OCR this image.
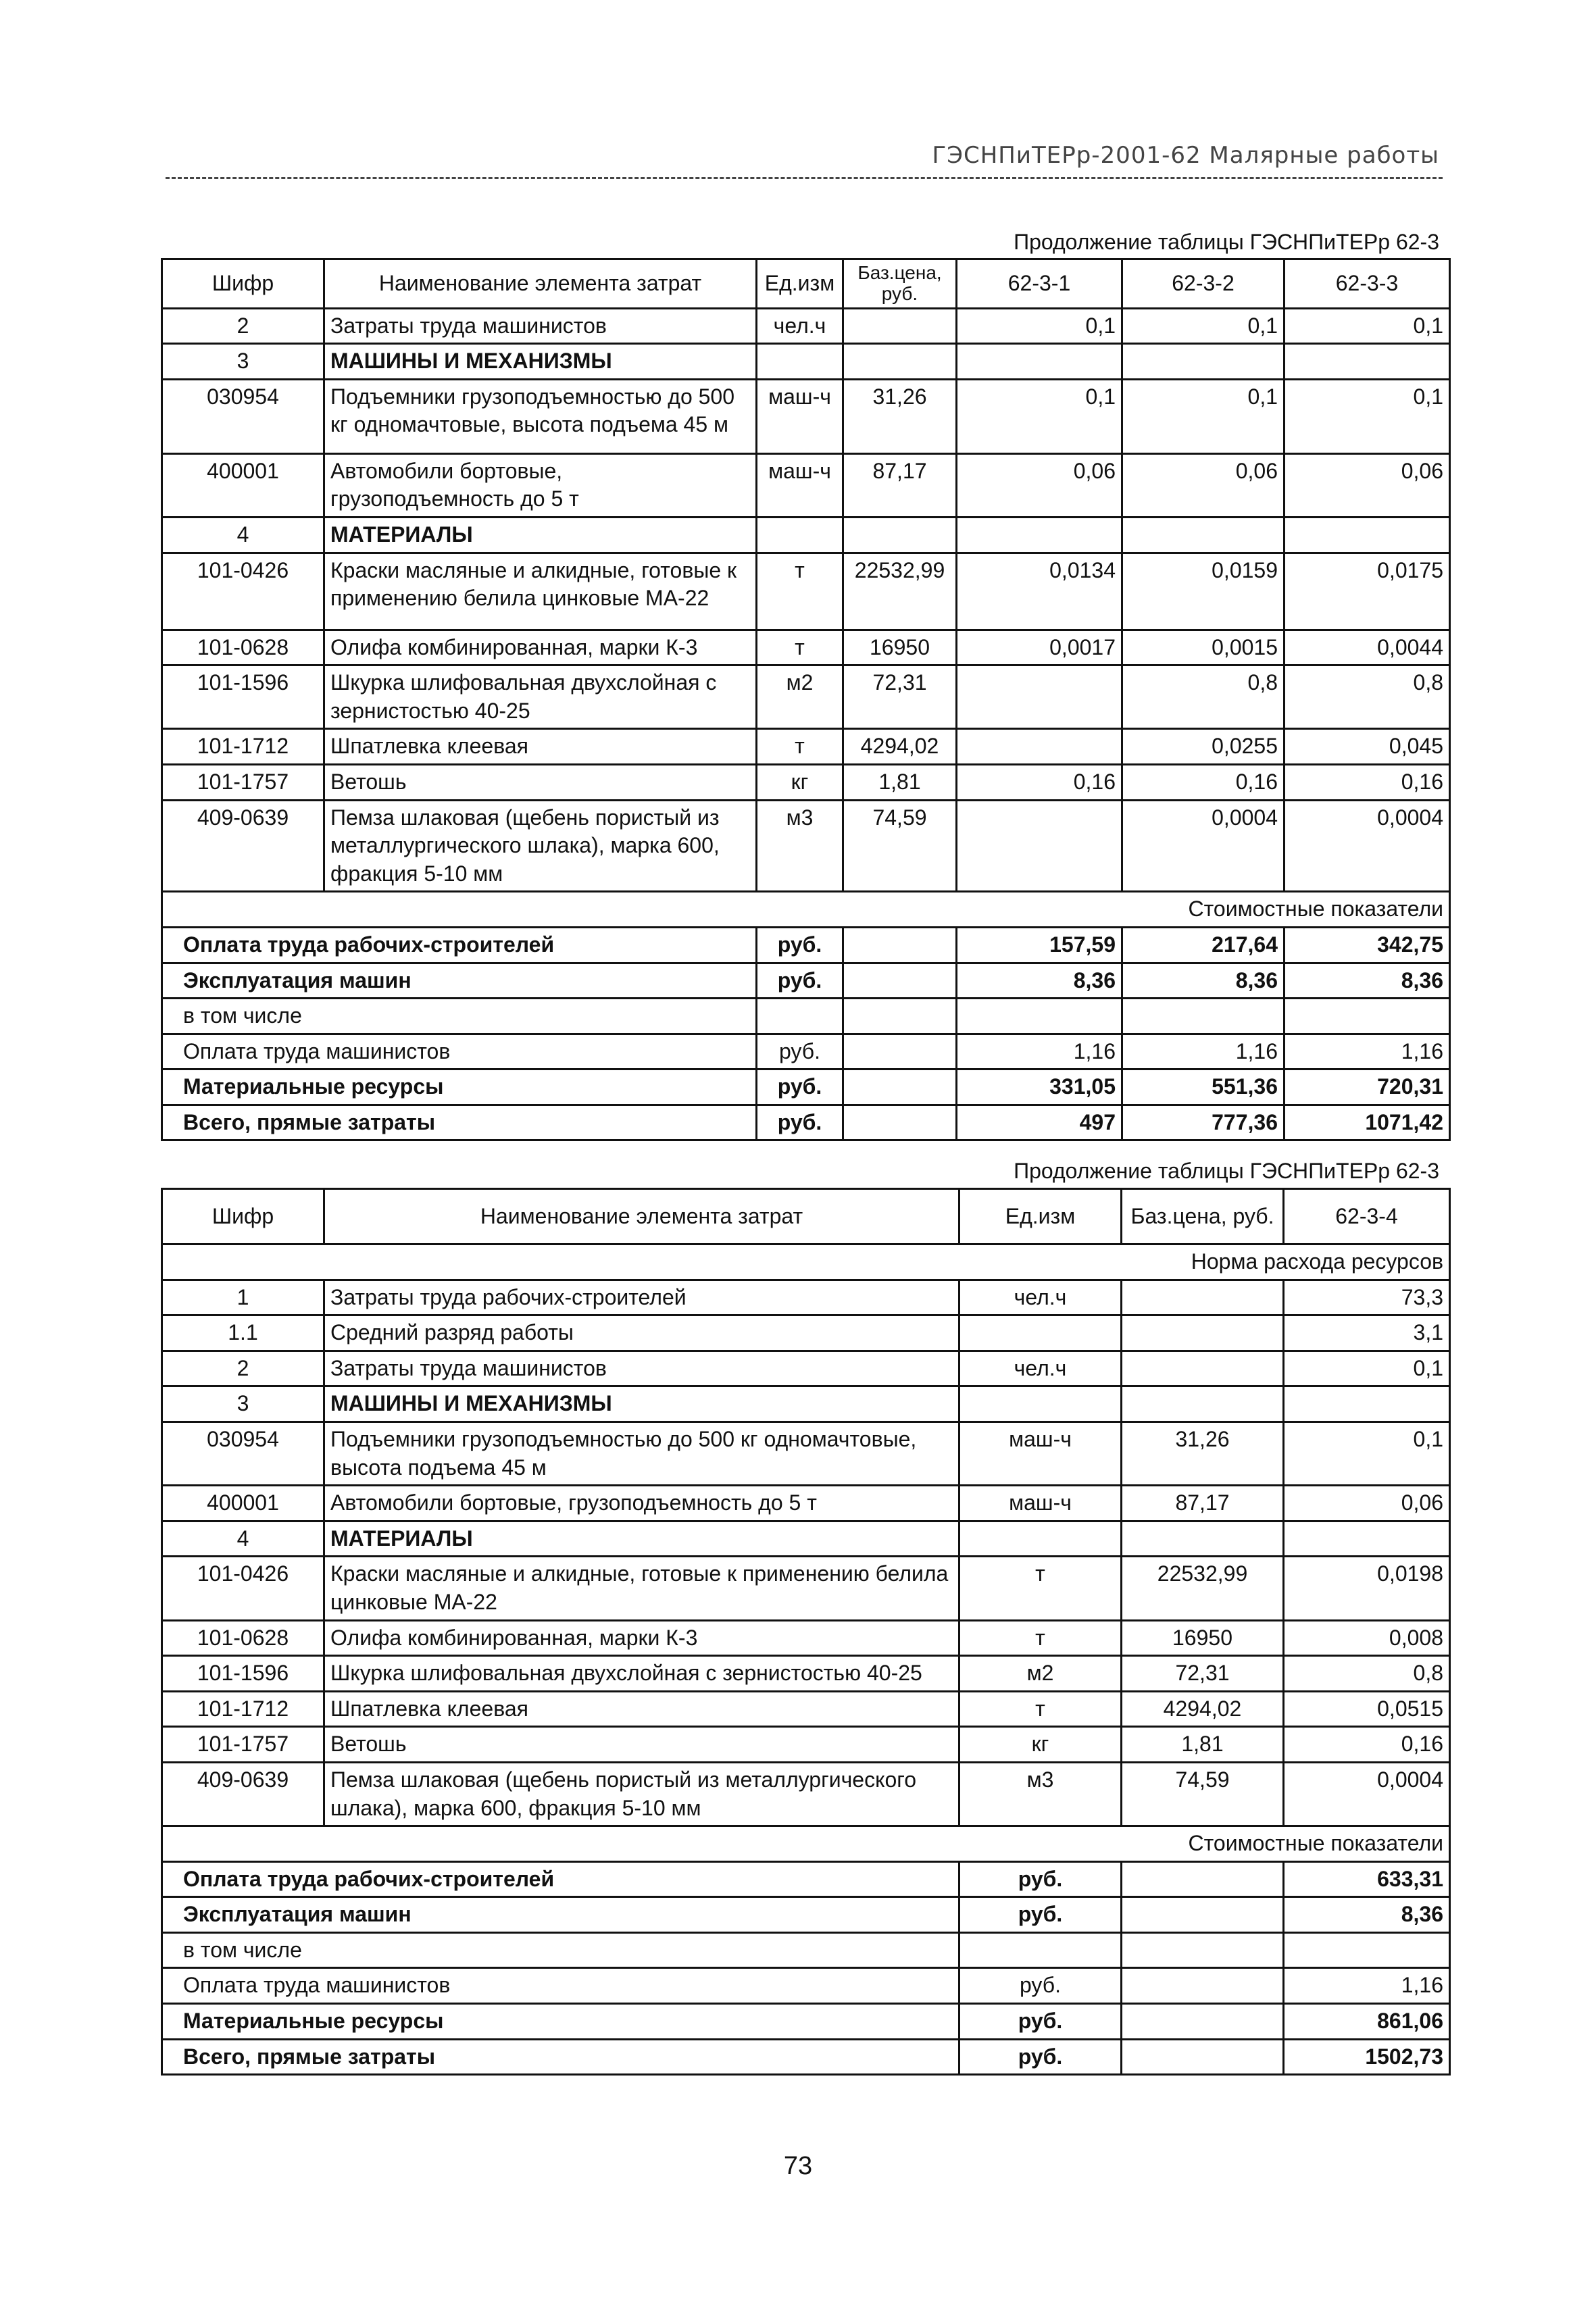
ГЭСНПиТЕРр-2001-62 Малярные работы
Продолжение таблицы ГЭСНПиТЕРр 62-3
Шифр	Наименование элемента затрат	Ед.изм	Баз.цена, руб.	62-3-1	62-3-2	62-3-3
2	Затраты труда машинистов	чел.ч		0,1	0,1	0,1
3	МАШИНЫ И МЕХАНИЗМЫ					
030954	Подъемники грузоподъемностью до 500 кг одномачтовые, высота подъема 45 м	маш-ч	31,26	0,1	0,1	0,1
400001	Автомобили бортовые, грузоподъемность до 5 т	маш-ч	87,17	0,06	0,06	0,06
4	МАТЕРИАЛЫ					
101-0426	Краски масляные и алкидные, готовые к применению белила цинковые МА-22	т	22532,99	0,0134	0,0159	0,0175
101-0628	Олифа комбинированная, марки К-3	т	16950	0,0017	0,0015	0,0044
101-1596	Шкурка шлифовальная двухслойная с зернистостью 40-25	м2	72,31		0,8	0,8
101-1712	Шпатлевка клеевая	т	4294,02		0,0255	0,045
101-1757	Ветошь	кг	1,81	0,16	0,16	0,16
409-0639	Пемза шлаковая (щебень пористый из металлургического шлака), марка 600, фракция 5-10 мм	м3	74,59		0,0004	0,0004
Стоимостные показатели						
Оплата труда рабочих-строителей		руб.		157,59	217,64	342,75
Эксплуатация машин		руб.		8,36	8,36	8,36
в том числе						
Оплата труда машинистов		руб.		1,16	1,16	1,16
Материальные ресурсы		руб.		331,05	551,36	720,31
Всего, прямые затраты		руб.		497	777,36	1071,42
Продолжение таблицы ГЭСНПиТЕРр 62-3
Шифр	Наименование элемента затрат	Ед.изм	Баз.цена, руб.	62-3-4
Норма расхода ресурсов				
1	Затраты труда рабочих-строителей	чел.ч		73,3
1.1	Средний разряд работы			3,1
2	Затраты труда машинистов	чел.ч		0,1
3	МАШИНЫ И МЕХАНИЗМЫ			
030954	Подъемники грузоподъемностью до 500 кг одномачтовые, высота подъема 45 м	маш-ч	31,26	0,1
400001	Автомобили бортовые, грузоподъемность до 5 т	маш-ч	87,17	0,06
4	МАТЕРИАЛЫ			
101-0426	Краски масляные и алкидные, готовые к применению белила цинковые МА-22	т	22532,99	0,0198
101-0628	Олифа комбинированная, марки К-3	т	16950	0,008
101-1596	Шкурка шлифовальная двухслойная с зернистостью 40-25	м2	72,31	0,8
101-1712	Шпатлевка клеевая	т	4294,02	0,0515
101-1757	Ветошь	кг	1,81	0,16
409-0639	Пемза шлаковая (щебень пористый из металлургического шлака), марка 600, фракция 5-10 мм	м3	74,59	0,0004
Стоимостные показатели				
Оплата труда рабочих-строителей		руб.		633,31
Эксплуатация машин		руб.		8,36
в том числе				
Оплата труда машинистов		руб.		1,16
Материальные ресурсы		руб.		861,06
Всего, прямые затраты		руб.		1502,73
73
